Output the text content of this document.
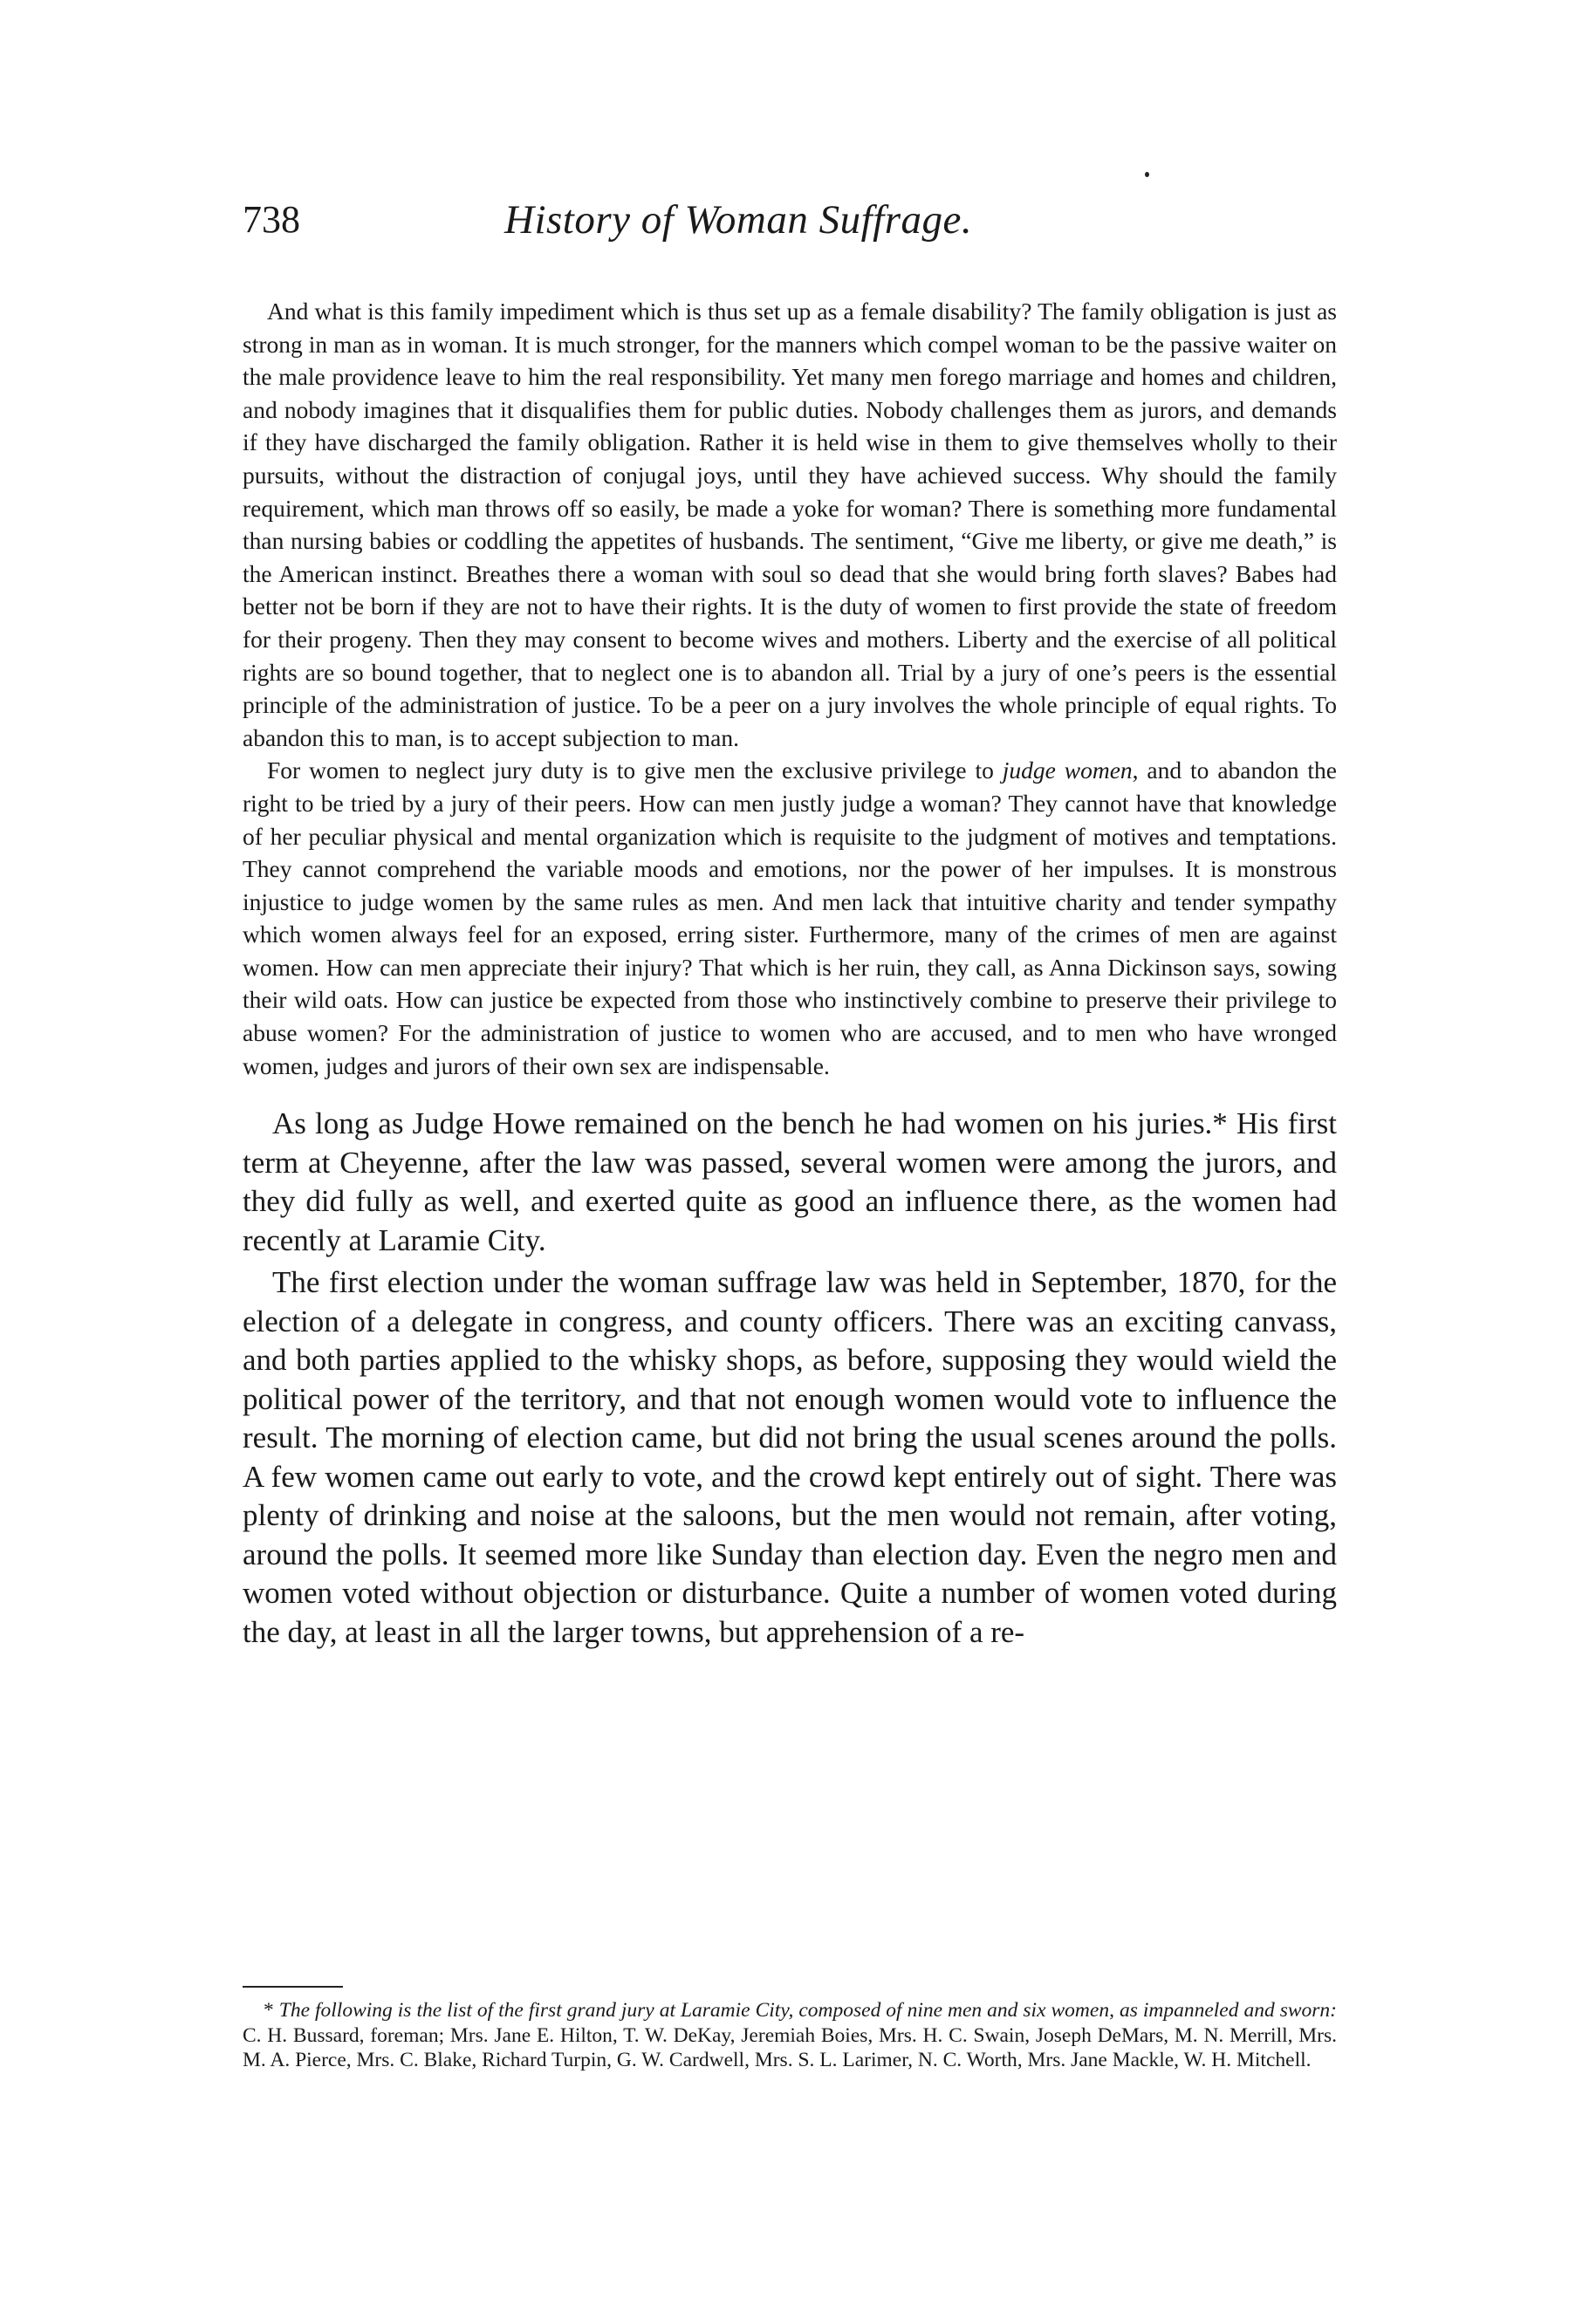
738	History of Woman Suffrage.

And what is this family impediment which is thus set up as a female disability? The family obligation is just as strong in man as in woman. It is much stronger, for the manners which compel woman to be the passive waiter on the male providence leave to him the real responsibility. Yet many men forego marriage and homes and children, and nobody imagines that it disqualifies them for public duties. Nobody challenges them as jurors, and demands if they have discharged the family obligation. Rather it is held wise in them to give themselves wholly to their pursuits, without the distraction of conjugal joys, until they have achieved success. Why should the family requirement, which man throws off so easily, be made a yoke for woman? There is something more fundamental than nursing babies or coddling the appetites of husbands. The sentiment, “Give me liberty, or give me death,” is the American instinct. Breathes there a woman with soul so dead that she would bring forth slaves? Babes had better not be born if they are not to have their rights. It is the duty of women to first provide the state of freedom for their progeny. Then they may consent to become wives and mothers. Liberty and the exercise of all political rights are so bound together, that to neglect one is to abandon all. Trial by a jury of one’s peers is the essential principle of the administration of justice. To be a peer on a jury involves the whole principle of equal rights. To abandon this to man, is to accept subjection to man.

For women to neglect jury duty is to give men the exclusive privilege to judge women, and to abandon the right to be tried by a jury of their peers. How can men justly judge a woman? They cannot have that knowledge of her peculiar physical and mental organization which is requisite to the judgment of motives and temptations. They cannot comprehend the variable moods and emotions, nor the power of her impulses. It is monstrous injustice to judge women by the same rules as men. And men lack that intuitive charity and tender sympathy which women always feel for an exposed, erring sister. Furthermore, many of the crimes of men are against women. How can men appreciate their injury? That which is her ruin, they call, as Anna Dickinson says, sowing their wild oats. How can justice be expected from those who instinctively combine to preserve their privilege to abuse women? For the administration of justice to women who are accused, and to men who have wronged women, judges and jurors of their own sex are indispensable.

As long as Judge Howe remained on the bench he had women on his juries.* His first term at Cheyenne, after the law was passed, several women were among the jurors, and they did fully as well, and exerted quite as good an influence there, as the women had recently at Laramie City.

The first election under the woman suffrage law was held in September, 1870, for the election of a delegate in congress, and county officers. There was an exciting canvass, and both parties applied to the whisky shops, as before, supposing they would wield the political power of the territory, and that not enough women would vote to influence the result. The morning of election came, but did not bring the usual scenes around the polls. A few women came out early to vote, and the crowd kept entirely out of sight. There was plenty of drinking and noise at the saloons, but the men would not remain, after voting, around the polls. It seemed more like Sunday than election day. Even the negro men and women voted without objection or disturbance. Quite a number of women voted during the day, at least in all the larger towns, but apprehension of a re-

* The following is the list of the first grand jury at Laramie City, composed of nine men and six women, as impanneled and sworn: C. H. Bussard, foreman; Mrs. Jane E. Hilton, T. W. DeKay, Jeremiah Boies, Mrs. H. C. Swain, Joseph DeMars, M. N. Merrill, Mrs. M. A. Pierce, Mrs. C. Blake, Richard Turpin, G. W. Cardwell, Mrs. S. L. Larimer, N. C. Worth, Mrs. Jane Mackle, W. H. Mitchell.
